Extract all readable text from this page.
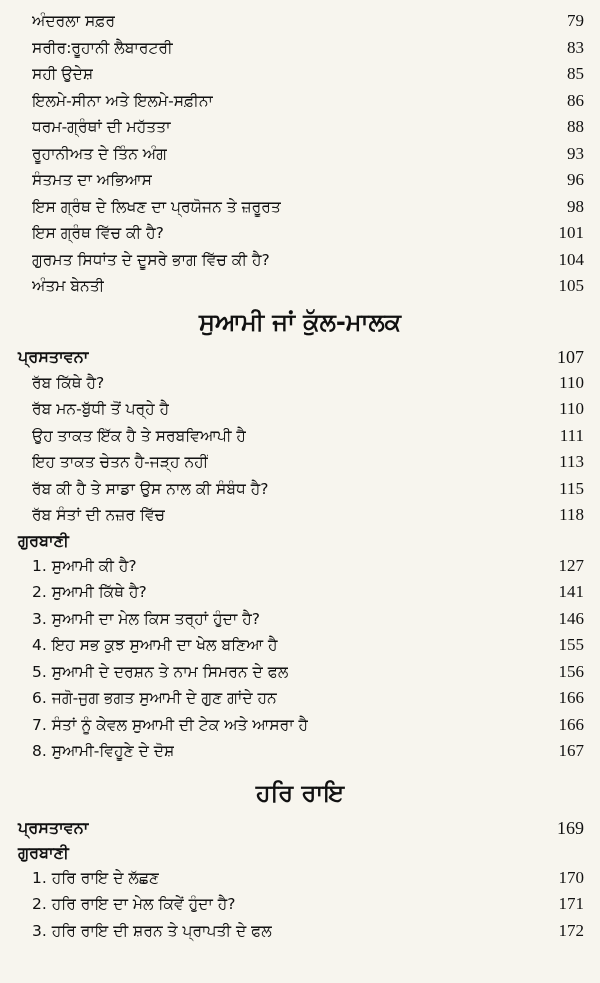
ਅੰਦਰਲਾ ਸਫ਼ਰ	79
ਸਰੀਰ:ਰੂਹਾਨੀ ਲੈਬਾਰਟਰੀ	83
ਸਹੀ ਉਦੇਸ਼	85
ਇਲਮੇ-ਸੀਨਾ ਅਤੇ ਇਲਮੇ-ਸਫ਼ੀਨਾ	86
ਧਰਮ-ਗ੍ਰੰਥਾਂ ਦੀ ਮਹੱਤਤਾ	88
ਰੂਹਾਨੀਅਤ ਦੇ ਤਿੰਨ ਅੰਗ	93
ਸੰਤਮਤ ਦਾ ਅਭਿਆਸ	96
ਇਸ ਗ੍ਰੰਥ ਦੇ ਲਿਖਣ ਦਾ ਪ੍ਰਯੋਜਨ ਤੇ ਜ਼ਰੂਰਤ	98
ਇਸ ਗ੍ਰੰਥ ਵਿੱਚ ਕੀ ਹੈ?	101
ਗੁਰਮਤ ਸਿਧਾਂਤ ਦੇ ਦੂਸਰੇ ਭਾਗ ਵਿੱਚ ਕੀ ਹੈ?	104
ਅੰਤਮ ਬੇਨਤੀ	105
ਸੁਆਮੀ ਜਾਂ ਕੁੱਲ-ਮਾਲਕ
ਪ੍ਰਸਤਾਵਨਾ	107
ਰੱਬ ਕਿੱਥੇ ਹੈ?	110
ਰੱਬ ਮਨ-ਬੁੱਧੀ ਤੋਂ ਪਰ੍ਹੇ ਹੈ	110
ਉਹ ਤਾਕਤ ਇੱਕ ਹੈ ਤੇ ਸਰਬਵਿਆਪੀ ਹੈ	111
ਇਹ ਤਾਕਤ ਚੇਤਨ ਹੈ-ਜੜ੍ਹ ਨਹੀਂ	113
ਰੱਬ ਕੀ ਹੈ ਤੇ ਸਾਡਾ ਉਸ ਨਾਲ ਕੀ ਸੰਬੰਧ ਹੈ?	115
ਰੱਬ ਸੰਤਾਂ ਦੀ ਨਜ਼ਰ ਵਿੱਚ	118
ਗੁਰਬਾਣੀ
1. ਸੁਆਮੀ ਕੀ ਹੈ?	127
2. ਸੁਆਮੀ ਕਿੱਥੇ ਹੈ?	141
3. ਸੁਆਮੀ ਦਾ ਮੇਲ ਕਿਸ ਤਰ੍ਹਾਂ ਹੁੰਦਾ ਹੈ?	146
4. ਇਹ ਸਭ ਕੁਝ ਸੁਆਮੀ ਦਾ ਖੇਲ ਬਣਿਆ ਹੈ	155
5. ਸੁਆਮੀ ਦੇ ਦਰਸ਼ਨ ਤੇ ਨਾਮ ਸਿਮਰਨ ਦੇ ਫਲ	156
6. ਜਗੋ-ਜੁਗ ਭਗਤ ਸੁਆਮੀ ਦੇ ਗੁਣ ਗਾਂਦੇ ਹਨ	166
7. ਸੰਤਾਂ ਨੂੰ ਕੇਵਲ ਸੁਆਮੀ ਦੀ ਟੇਕ ਅਤੇ ਆਸਰਾ ਹੈ	166
8. ਸੁਆਮੀ-ਵਿਹੂਣੇ ਦੇ ਦੋਸ਼	167
ਹਰਿ ਰਾਇ
ਪ੍ਰਸਤਾਵਨਾ	169
ਗੁਰਬਾਣੀ
1. ਹਰਿ ਰਾਇ ਦੇ ਲੱਛਣ	170
2. ਹਰਿ ਰਾਇ ਦਾ ਮੇਲ ਕਿਵੇਂ ਹੁੰਦਾ ਹੈ?	171
3. ਹਰਿ ਰਾਇ ਦੀ ਸ਼ਰਨ ਤੇ ਪ੍ਰਾਪਤੀ ਦੇ ਫਲ	172
